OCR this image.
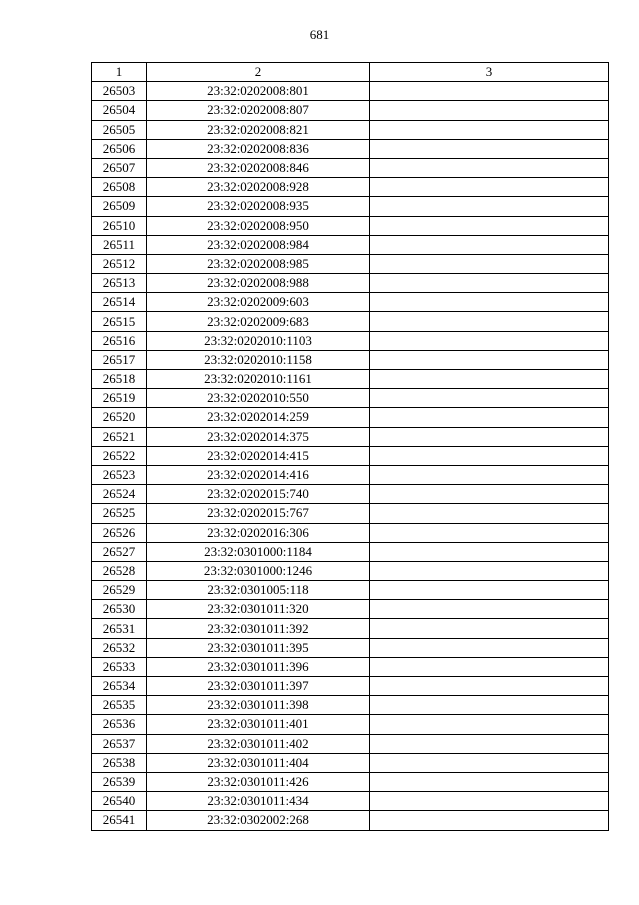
681
1	2	3
26503	23:32:0202008:801	
26504	23:32:0202008:807	
26505	23:32:0202008:821	
26506	23:32:0202008:836	
26507	23:32:0202008:846	
26508	23:32:0202008:928	
26509	23:32:0202008:935	
26510	23:32:0202008:950	
26511	23:32:0202008:984	
26512	23:32:0202008:985	
26513	23:32:0202008:988	
26514	23:32:0202009:603	
26515	23:32:0202009:683	
26516	23:32:0202010:1103	
26517	23:32:0202010:1158	
26518	23:32:0202010:1161	
26519	23:32:0202010:550	
26520	23:32:0202014:259	
26521	23:32:0202014:375	
26522	23:32:0202014:415	
26523	23:32:0202014:416	
26524	23:32:0202015:740	
26525	23:32:0202015:767	
26526	23:32:0202016:306	
26527	23:32:0301000:1184	
26528	23:32:0301000:1246	
26529	23:32:0301005:118	
26530	23:32:0301011:320	
26531	23:32:0301011:392	
26532	23:32:0301011:395	
26533	23:32:0301011:396	
26534	23:32:0301011:397	
26535	23:32:0301011:398	
26536	23:32:0301011:401	
26537	23:32:0301011:402	
26538	23:32:0301011:404	
26539	23:32:0301011:426	
26540	23:32:0301011:434	
26541	23:32:0302002:268	
